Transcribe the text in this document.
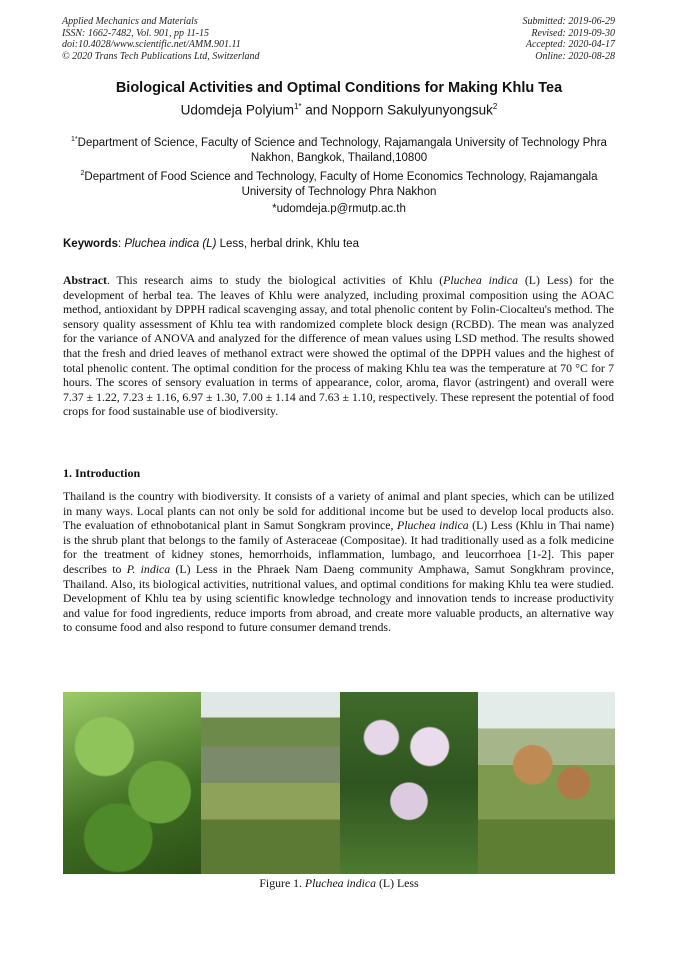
Applied Mechanics and Materials
ISSN: 1662-7482, Vol. 901, pp 11-15
doi:10.4028/www.scientific.net/AMM.901.11
© 2020 Trans Tech Publications Ltd, Switzerland
Submitted: 2019-06-29
Revised: 2019-09-30
Accepted: 2020-04-17
Online: 2020-08-28
Biological Activities and Optimal Conditions for Making Khlu Tea
Udomdeja Polyium$^{1*}$ and Nopporn Sakulyunyongsuk$^2$
$^{1*}$Department of Science, Faculty of Science and Technology, Rajamangala University of Technology Phra Nakhon, Bangkok, Thailand,10800
$^2$Department of Food Science and Technology, Faculty of Home Economics Technology, Rajamangala University of Technology Phra Nakhon
*udomdeja.p@rmutp.ac.th
Keywords: Pluchea indica (L) Less, herbal drink, Khlu tea
Abstract. This research aims to study the biological activities of Khlu (Pluchea indica (L) Less) for the development of herbal tea. The leaves of Khlu were analyzed, including proximal composition using the AOAC method, antioxidant by DPPH radical scavenging assay, and total phenolic content by Folin-Ciocalteu's method. The sensory quality assessment of Khlu tea with randomized complete block design (RCBD). The mean was analyzed for the variance of ANOVA and analyzed for the difference of mean values using LSD method. The results showed that the fresh and dried leaves of methanol extract were showed the optimal of the DPPH values and the highest of total phenolic content. The optimal condition for the process of making Khlu tea was the temperature at 70 °C for 7 hours. The scores of sensory evaluation in terms of appearance, color, aroma, flavor (astringent) and overall were 7.37 ± 1.22, 7.23 ± 1.16, 6.97 ± 1.30, 7.00 ± 1.14 and 7.63 ± 1.10, respectively. These represent the potential of food crops for food sustainable use of biodiversity.
1. Introduction
Thailand is the country with biodiversity. It consists of a variety of animal and plant species, which can be utilized in many ways. Local plants can not only be sold for additional income but be used to develop local products also. The evaluation of ethnobotanical plant in Samut Songkram province, Pluchea indica (L) Less (Khlu in Thai name) is the shrub plant that belongs to the family of Asteraceae (Compositae). It had traditionally used as a folk medicine for the treatment of kidney stones, hemorrhoids, inflammation, lumbago, and leucorrhoea [1-2]. This paper describes to P. indica (L) Less in the Phraek Nam Daeng community Amphawa, Samut Songkhram province, Thailand. Also, its biological activities, nutritional values, and optimal conditions for making Khlu tea were studied. Development of Khlu tea by using scientific knowledge technology and innovation tends to increase productivity and value for food ingredients, reduce imports from abroad, and create more valuable products, an alternative way to consume food and also respond to future consumer demand trends.
Figure 1. Pluchea indica (L) Less
